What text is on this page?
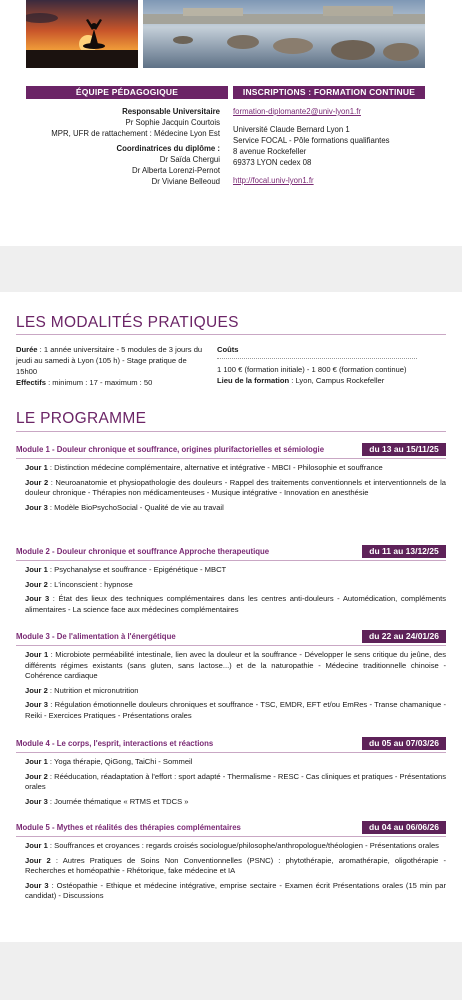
ÉQUIPE PÉDAGOGIQUE	INSCRIPTIONS : FORMATION CONTINUE
Responsable Universitaire
Pr Sophie Jacquin Courtois
MPR, UFR de rattachement : Médecine Lyon Est
Coordinatrices du diplôme :
Dr Saïda Chergui
Dr Alberta Lorenzi-Pernot
Dr Viviane Belleoud
formation-diplomante2@univ-lyon1.fr
Université Claude Bernard Lyon 1
Service FOCAL - Pôle formations qualifiantes
8 avenue Rockefeller
69373 LYON cedex 08
http://focal.univ-lyon1.fr
LES MODALITÉS PRATIQUES
Durée : 1 année universitaire - 5 modules de 3 jours du jeudi au samedi à Lyon (105 h) - Stage pratique de 15h00
Effectifs : minimum : 17 - maximum : 50
Coûts
1 100 € (formation initiale) - 1 800 € (formation continue)
Lieu de la formation : Lyon, Campus Rockefeller
LE PROGRAMME
Module 1 - Douleur chronique et souffrance, origines plurifactorielles et sémiologie	du 13 au 15/11/25
Jour 1 : Distinction médecine complémentaire, alternative et intégrative - MBCI - Philosophie et souffrance
Jour 2 : Neuroanatomie et physiopathologie des douleurs - Rappel des traitements conventionnels et interventionnels de la douleur chronique - Thérapies non médicamenteuses - Musique intégrative - Innovation en anesthésie
Jour 3 : Modèle BioPsychoSocial - Qualité de vie au travail
Module 2 - Douleur chronique et souffrance Approche therapeutique	du 11 au 13/12/25
Jour 1 : Psychanalyse et souffrance - Epigénétique - MBCT
Jour 2 : L'inconscient : hypnose
Jour 3 : État des lieux des techniques complémentaires dans les centres anti-douleurs - Automédication, compléments alimentaires - La science face aux médecines complémentaires
Module 3 - De l'alimentation à l'énergétique	du 22 au 24/01/26
Jour 1 : Microbiote perméabilité intestinale, lien avec la douleur et la souffrance - Développer le sens critique du jeûne, des différents régimes existants (sans gluten, sans lactose...) et de la naturopathie - Médecine traditionnelle chinoise - Cohérence cardiaque
Jour 2 : Nutrition et micronutrition
Jour 3 : Régulation émotionnelle douleurs chroniques et souffrance - TSC, EMDR, EFT et/ou EmRes - Transe chamanique - Reiki - Exercices Pratiques - Présentations orales
Module 4 - Le corps, l'esprit, interactions et réactions	du 05 au 07/03/26
Jour 1 : Yoga thérapie, QiGong, TaiChi - Sommeil
Jour 2 : Rééducation, réadaptation à l'effort : sport adapté - Thermalisme - RESC - Cas cliniques et pratiques - Présentations orales
Jour 3 : Journée thématique « RTMS et TDCS »
Module 5 - Mythes et réalités des thérapies complémentaires	du 04 au 06/06/26
Jour 1 : Souffrances et croyances : regards croisés sociologue/philosophe/anthropologue/théologien - Présentations orales
Jour 2 : Autres Pratiques de Soins Non Conventionnelles (PSNC) : phytothérapie, aromathérapie, oligothérapie - Recherches et homéopathie - Rhétorique, fake médecine et IA
Jour 3 : Ostéopathie - Ethique et médecine intégrative, emprise sectaire - Examen écrit Présentations orales (15 min par candidat) - Discussions
